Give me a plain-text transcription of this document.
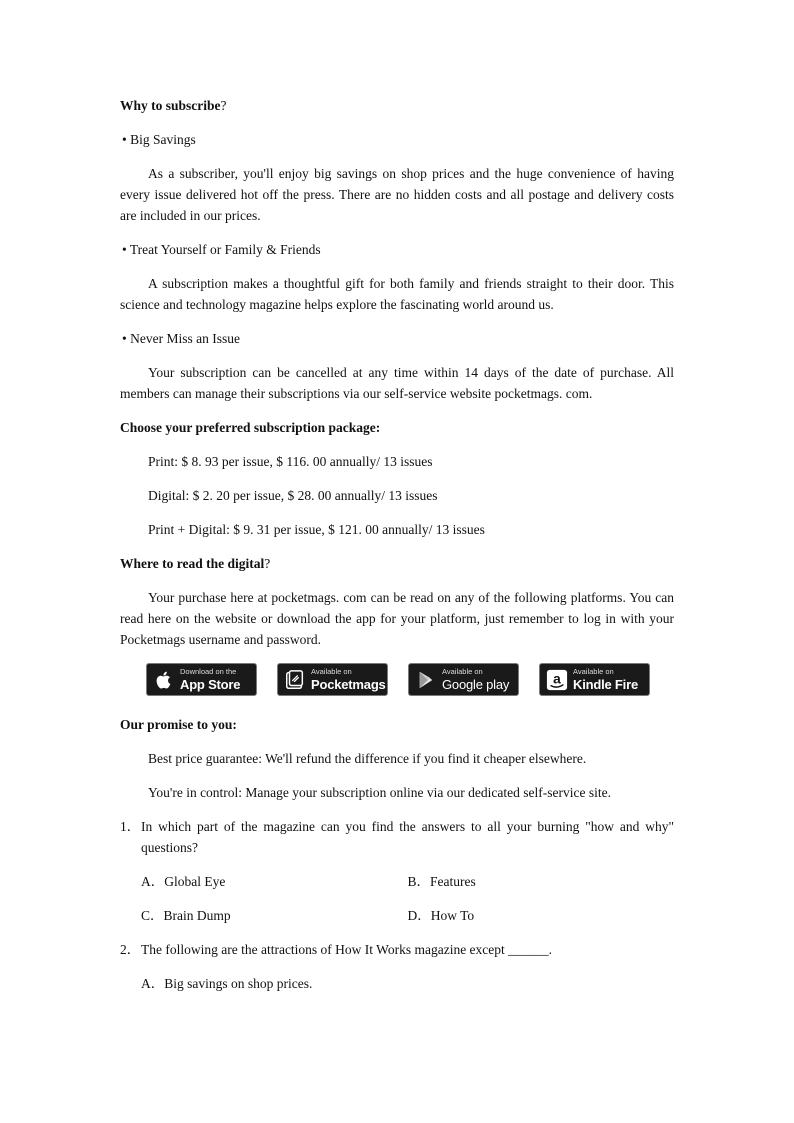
Why to subscribe?
• Big Savings
As a subscriber, you'll enjoy big savings on shop prices and the huge convenience of having every issue delivered hot off the press. There are no hidden costs and all postage and delivery costs are included in our prices.
• Treat Yourself or Family & Friends
A subscription makes a thoughtful gift for both family and friends straight to their door. This science and technology magazine helps explore the fascinating world around us.
• Never Miss an Issue
Your subscription can be cancelled at any time within 14 days of the date of purchase. All members can manage their subscriptions via our self-service website pocketmags. com.
Choose your preferred subscription package:
Print: $ 8. 93 per issue, $ 116. 00 annually/ 13 issues
Digital: $ 2. 20 per issue, $ 28. 00 annually/ 13 issues
Print + Digital: $ 9. 31 per issue, $ 121. 00 annually/ 13 issues
Where to read the digital?
Your purchase here at pocketmags. com can be read on any of the following platforms. You can read here on the website or download the app for your platform, just remember to log in with your Pocketmags username and password.
Download on the
App Store
Available on
Pocketmags
Available on
Google play	a Available on
Kindle Fire
Our promise to you:
Best price guarantee: We'll refund the difference if you find it cheaper elsewhere.
You're in control: Manage your subscription online via our dedicated self-service site.
1． In which part of the magazine can you find the answers to all your burning "how and why" questions?
A．Global Eye	B．Features
C．Brain Dump	D．How To
2． The following are the attractions of How It Works magazine except ______.
A．Big savings on shop prices.
